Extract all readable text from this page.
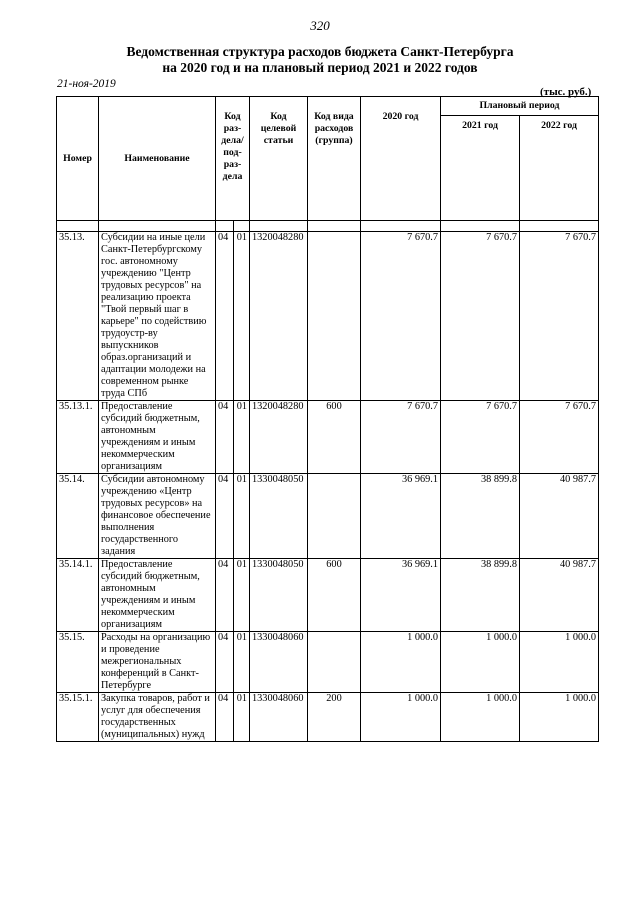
320
Ведомственная структура расходов бюджета Санкт-Петербурга
на 2020 год и на плановый период 2021 и 2022 годов
21-ноя-2019
(тыс. руб.)
Номер	Наименование	Код раз-дела/под-раз-дела		Код целевой статьи	Код вида расходов (группа)	2020 год	Плановый период	
							2021 год	2022 год

35.13.	Субсидии на иные цели Санкт-Петербургскому гос. автономному учреждению "Центр трудовых ресурсов" на реализацию проекта "Твой первый шаг в карьере" по содействию трудоустр-ву выпускников образ.организаций и адаптации молодежи на современном рынке труда СПб	04	01	1320048280		7 670.7	7 670.7	7 670.7
35.13.1.	Предоставление субсидий бюджетным, автономным учреждениям и иным некоммерческим организациям	04	01	1320048280	600	7 670.7	7 670.7	7 670.7
35.14.	Субсидии автономному учреждению «Центр трудовых ресурсов» на финансовое обеспечение выполнения государственного задания	04	01	1330048050		36 969.1	38 899.8	40 987.7
35.14.1.	Предоставление субсидий бюджетным, автономным учреждениям и иным некоммерческим организациям	04	01	1330048050	600	36 969.1	38 899.8	40 987.7
35.15.	Расходы на организацию и проведение межрегиональных конференций в Санкт-Петербурге	04	01	1330048060		1 000.0	1 000.0	1 000.0
35.15.1.	Закупка товаров, работ и услуг для обеспечения государственных (муниципальных) нужд	04	01	1330048060	200	1 000.0	1 000.0	1 000.0
